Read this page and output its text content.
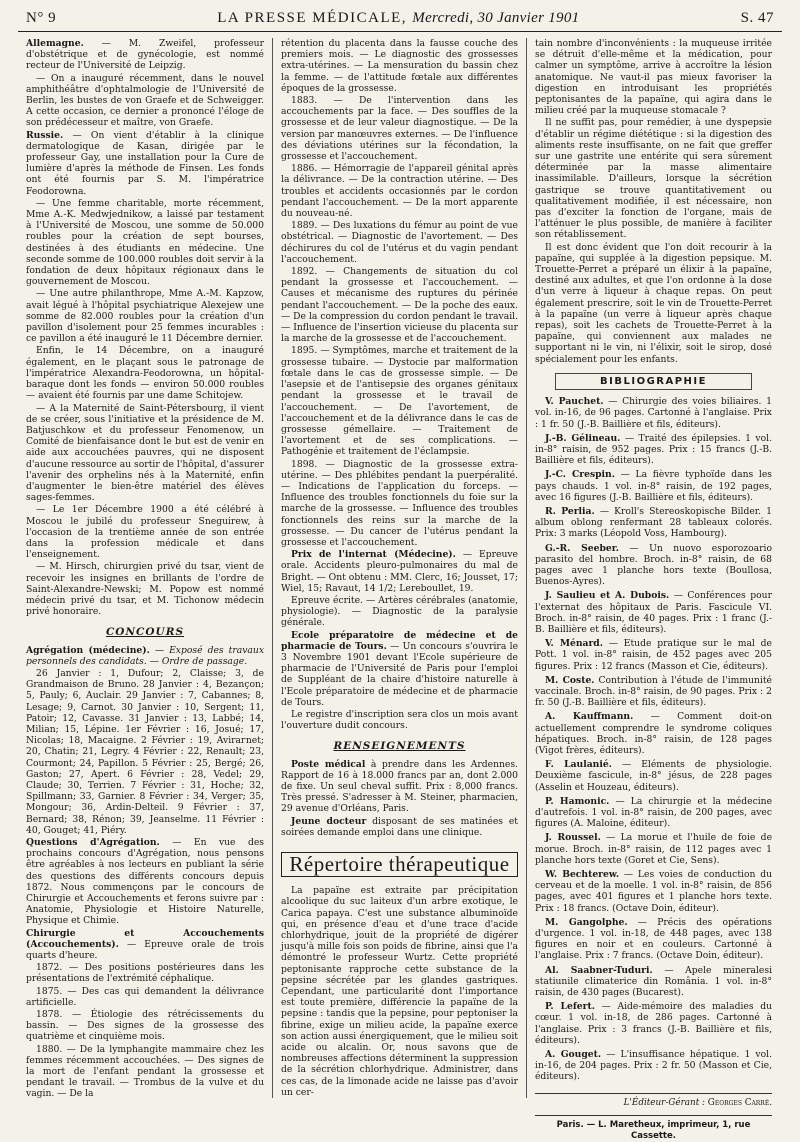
N° 9	LA PRESSE MÉDICALE, Mercredi, 30 Janvier 1901	S. 47

Allemagne. — M. Zweifel, professeur d'obstétrique et de gynécologie, est nommé recteur de l'Université de Leipzig.

— On a inauguré récemment, dans le nouvel amphithéâtre d'ophtalmologie de l'Université de Berlin, les bustes de von Graefe et de Schweigger. A cette occasion, ce dernier a prononcé l'éloge de son prédécesseur et maître, von Graefe.

Russie. — On vient d'établir à la clinique dermatologique de Kasan, dirigée par le professeur Gay, une installation pour la Cure de lumière d'après la méthode de Finsen. Les fonds ont été fournis par S. M. l'impératrice Feodorowna.

— Une femme charitable, morte récemment, Mme A.-K. Medwjednikow, a laissé par testament à l'Université de Moscou, une somme de 50.000 roubles pour la création de sept bourses, destinées à des étudiants en médecine. Une seconde somme de 100.000 roubles doit servir à la fondation de deux hôpitaux régionaux dans le gouvernement de Moscou.

— Une autre philanthrope, Mme A.-M. Kapzow, avait légué à l'hôpital psychiatrique Alexejew une somme de 82.000 roubles pour la création d'un pavillon d'isolement pour 25 femmes incurables : ce pavillon a été inauguré le 11 Décembre dernier.

Enfin, le 14 Décembre, on a inauguré également, en le plaçant sous le patronage de l'impératrice Alexandra-Feodorowna, un hôpital-baraque dont les fonds — environ 50.000 roubles — avaient été fournis par une dame Schitojew.

— A la Maternité de Saint-Pétersbourg, il vient de se créer, sous l'initiative et la présidence de M. Batjuschkow et du professeur Fenomenow, un Comité de bienfaisance dont le but est de venir en aide aux accouchées pauvres, qui ne disposent d'aucune ressource au sortir de l'hôpital, d'assurer l'avenir des orphelins nés à la Maternité, enfin d'augmenter le bien-être matériel des élèves sages-femmes.

— Le 1er Décembre 1900 a été célébré à Moscou le jubilé du professeur Sneguirew, à l'occasion de la trentième année de son entrée dans la profession médicale et dans l'enseignement.

— M. Hirsch, chirurgien privé du tsar, vient de recevoir les insignes en brillants de l'ordre de Saint-Alexandre-Newski; M. Popow est nommé médecin privé du tsar, et M. Tichonow médecin privé honoraire.

CONCOURS

Agrégation (médecine). — Exposé des travaux personnels des candidats. — Ordre de passage.

26 Janvier : 1, Dufour; 2, Claisse; 3, de Grandmaison de Bruno. 28 Janvier : 4, Bezançon; 5, Pauly; 6, Auclair. 29 Janvier : 7, Cabannes; 8, Lesage; 9, Carnot. 30 Janvier : 10, Sergent; 11, Patoir; 12, Cavasse. 31 Janvier : 13, Labbé; 14, Milian; 15, Lépine. 1er Février : 16, Josué; 17, Nicolas; 18, Macaigne. 2 Février : 19, Avirагnet; 20, Chatin; 21, Legry. 4 Février : 22, Renault; 23, Courmont; 24, Papillon. 5 Février : 25, Bergé; 26, Gaston; 27, Apert. 6 Février : 28, Vedel; 29, Claude; 30, Terrien. 7 Février : 31, Hoche; 32, Spillmann; 33, Garnier. 8 Février : 34, Verger; 35, Mongour; 36, Ardin-Delteil. 9 Février : 37, Bernard; 38, Rénon; 39, Jeanselme. 11 Février : 40, Gouget; 41, Piéry.

Questions d'Agrégation. — En vue des prochains concours d'Agrégation, nous pensons être agréables à nos lecteurs en publiant la série des questions des différents concours depuis 1872. Nous commençons par le concours de Chirurgie et Accouchements et ferons suivre par : Anatomie, Physiologie et Histoire Naturelle, Physique et Chimie.

Chirurgie et Accouchements (Accouchements). — Epreuve orale de trois quarts d'heure.

1872. — Des positions postérieures dans les présentations de l'extrémité céphalique.

1875. — Des cas qui demandent la délivrance artificielle.

1878. — Étiologie des rétrécissements du bassin. — Des signes de la grossesse des quatrième et cinquième mois.

1880. — De la lymphangite mammaire chez les femmes récemment accouchées. — Des signes de la mort de l'enfant pendant la grossesse et pendant le travail. — Trombus de la vulve et du vagin. — De la

rétention du placenta dans la fausse couche des premiers mois. — Le diagnostic des grossesses extra-utérines. — La mensuration du bassin chez la femme. — de l'attitude fœtale aux différentes époques de la grossesse.

1883. — De l'intervention dans les accouchements par la face. — Des souffles de la grossesse et de leur valeur diagnostique. — De la version par manœuvres externes. — De l'influence des déviations utérines sur la fécondation, la grossesse et l'accouchement.

1886. — Hémorragie de l'appareil génital après la délivrance. — De la contraction utérine. — Des troubles et accidents occasionnés par le cordon pendant l'accouchement. — De la mort apparente du nouveau-né.

1889. — Des luxations du fémur au point de vue obstétrical. — Diagnostic de l'avortement. — Des déchirures du col de l'utérus et du vagin pendant l'accouchement.

1892. — Changements de situation du col pendant la grossesse et l'accouchement. — Causes et mécanisme des ruptures du périnée pendant l'accouchement. — De la poche des eaux. — De la compression du cordon pendant le travail. — Influence de l'insertion vicieuse du placenta sur la marche de la grossesse et de l'accouchement.

1895. — Symptômes, marche et traitement de la grossesse tubaire. — Dystocie par malformation fœtale dans le cas de grossesse simple. — De l'asepsie et de l'antisepsie des organes génitaux pendant la grossesse et le travail de l'accouchement. — De l'avortement, de l'accouchement et de la délivrance dans le cas de grossesse gémellaire. — Traitement de l'avortement et de ses complications. — Pathogénie et traitement de l'éclampsie.

1898. — Diagnostic de la grossesse extra-utérine. — Des phlébites pendant la puerpéralité. — Indications de l'application du forceps. — Influence des troubles fonctionnels du foie sur la marche de la grossesse. — Influence des troubles fonctionnels des reins sur la marche de la grossesse. — Du cancer de l'utérus pendant la grossesse et l'accouchement.

Prix de l'internat (Médecine). — Epreuve orale. Accidents pleuro-pulmonaires du mal de Bright. — Ont obtenu : MM. Clerc, 16; Jousset, 17; Wiel, 15; Ravaut, 14 1/2; Lereboullet, 19.

Epreuve écrite. — Artères cérébrales (anatomie, physiologie). — Diagnostic de la paralysie générale.

Ecole préparatoire de médecine et de pharmacie de Tours. — Un concours s'ouvrira le 3 Novembre 1901 devant l'Ecole supérieure de pharmacie de l'Université de Paris pour l'emploi de Suppléant de la chaire d'histoire naturelle à l'Ecole préparatoire de médecine et de pharmacie de Tours.

Le registre d'inscription sera clos un mois avant l'ouverture dudit concours.

RENSEIGNEMENTS

Poste médical à prendre dans les Ardennes. Rapport de 16 à 18.000 francs par an, dont 2.000 de fixe. Un seul cheval suffit. Prix : 8,000 francs. Très pressé. S'adresser à M. Steiner, pharmacien, 29 avenue d'Orléans, Paris.

Jeune docteur disposant de ses matinées et soirées demande emploi dans une clinique.

Répertoire thérapeutique

La papaïne est extraite par précipitation alcoolique du suc laiteux d'un arbre exotique, le Carica papaya. C'est une substance albuminoïde qui, en présence d'eau et d'une trace d'acide chlorhydrique, jouit de la propriété de digérer jusqu'à mille fois son poids de fibrine, ainsi que l'a démontré le professeur Wurtz. Cette propriété peptonisante rapproche cette substance de la pepsine sécrétée par les glandes gastriques. Cependant, une particularité dont l'importance est toute première, différencie la papaïne de la pepsine : tandis que la pepsine, pour peptoniser la fibrine, exige un milieu acide, la papaïne exerce son action aussi énergiquement, que le milieu soit acide ou alcalin. Or, nous savons que de nombreuses affections déterminent la suppression de la sécrétion chlorhydrique. Administrer, dans ces cas, de la limonade acide ne laisse pas d'avoir un cer-

tain nombre d'inconvénients : la muqueuse irritée se détruit d'elle-même et la médication, pour calmer un symptôme, arrive à accroître la lésion anatomique. Ne vaut-il pas mieux favoriser la digestion en introduisant les propriétés peptonisantes de la papaïne, qui agira dans le milieu créé par la muqueuse stomacale ?

Il ne suffit pas, pour remédier, à une dyspepsie d'établir un régime diététique : si la digestion des aliments reste insuffisante, on ne fait que greffer sur une gastrite une entérite qui sera sûrement déterminée par la masse alimentaire inassimilable. D'ailleurs, lorsque la sécrétion gastrique se trouve quantitativement ou qualitativement modifiée, il est nécessaire, non pas d'exciter la fonction de l'organe, mais de l'atténuer le plus possible, de manière à faciliter son rétablissement.

Il est donc évident que l'on doit recourir à la papaïne, qui supplée à la digestion pepsique. M. Trouette-Perret a préparé un élixir à la papaïne, destiné aux adultes, et que l'on ordonne à la dose d'un verre à liqueur à chaque repas. On peut également prescrire, soit le vin de Trouette-Perret à la papaïne (un verre à liqueur après chaque repas), soit les cachets de Trouette-Perret à la papaïne, qui conviennent aux malades ne supportant ni le vin, ni l'élixir, soit le sirop, dosé spécialement pour les enfants.

BIBLIOGRAPHIE

V. Pauchet. — Chirurgie des voies biliaires. 1 vol. in-16, de 96 pages. Cartonné à l'anglaise. Prix : 1 fr. 50 (J.-B. Baillière et fils, éditeurs).

J.-B. Gélineau. — Traité des épilepsies. 1 vol. in-8° raisin, de 952 pages. Prix : 15 francs (J.-B. Baillière et fils, éditeurs).

J.-C. Crespin. — La fièvre typhoïde dans les pays chauds. 1 vol. in-8° raisin, de 192 pages, avec 16 figures (J.-B. Baillière et fils, éditeurs).

R. Perlia. — Kroll's Stereoskopische Bilder. 1 album oblong renfermant 28 tableaux colorés. Prix: 3 marks (Léopold Voss, Hambourg).

G.-R. Seeber. — Un nuovo esporozoario parasito del hombre. Broch. in-8° raisin, de 68 pages avec 1 planche hors texte (Boullosa, Buenos-Ayres).

J. Saulieu et A. Dubois. — Conférences pour l'externat des hôpitaux de Paris. Fascicule VI. Broch. in-8° raisin, de 40 pages. Prix : 1 franc (J.-B. Baillière et fils, éditeurs).

V. Ménard. — Etude pratique sur le mal de Pott. 1 vol. in-8° raisin, de 452 pages avec 205 figures. Prix : 12 francs (Masson et Cie, éditeurs).

M. Coste. Contribution à l'étude de l'immunité vaccinale. Broch. in-8° raisin, de 90 pages. Prix : 2 fr. 50 (J.-B. Baillière et fils, éditeurs).

A. Kauffmann. — Comment doit-on actuellement comprendre le syndrome coliques hépatiques. Broch. in-8° raisin, de 128 pages (Vigot frères, éditeurs).

F. Laulanié. — Eléments de physiologie. Deuxième fascicule, in-8° jésus, de 228 pages (Asselin et Houzeau, éditeurs).

P. Hamonic. — La chirurgie et la médecine d'autrefois. 1 vol. in-8° raisin, de 200 pages, avec figures (A. Maloine, éditeur).

J. Roussel. — La morue et l'huile de foie de morue. Broch. in-8° raisin, de 112 pages avec 1 planche hors texte (Goret et Cie, Sens).

W. Bechterew. — Les voies de conduction du cerveau et de la moelle. 1 vol. in-8° raisin, de 856 pages, avec 401 figures et 1 planche hors texte. Prix : 18 francs. (Octave Doin, éditeur).

M. Gangolphe. — Précis des opérations d'urgence. 1 vol. in-18, de 448 pages, avec 138 figures en noir et en couleurs. Cartonné à l'anglaise. Prix : 7 francs. (Octave Doin, éditeur).

Al. Saabner-Tuduri. — Apele mineralesi statiunile climaterice din România. 1 vol. in-8° raisin, de 430 pages (Bucarest).

P. Lefert. — Aide-mémoire des maladies du cœur. 1 vol. in-18, de 286 pages. Cartonné à l'anglaise. Prix : 3 francs (J.-B. Baillière et fils, éditeurs).

A. Gouget. — L'insuffisance hépatique. 1 vol. in-16, de 204 pages. Prix : 2 fr. 50 (Masson et Cie, éditeurs).

L'Éditeur-Gérant : Georges Carré.
Paris. — L. Maretheux, imprimeur, 1, rue Cassette.
